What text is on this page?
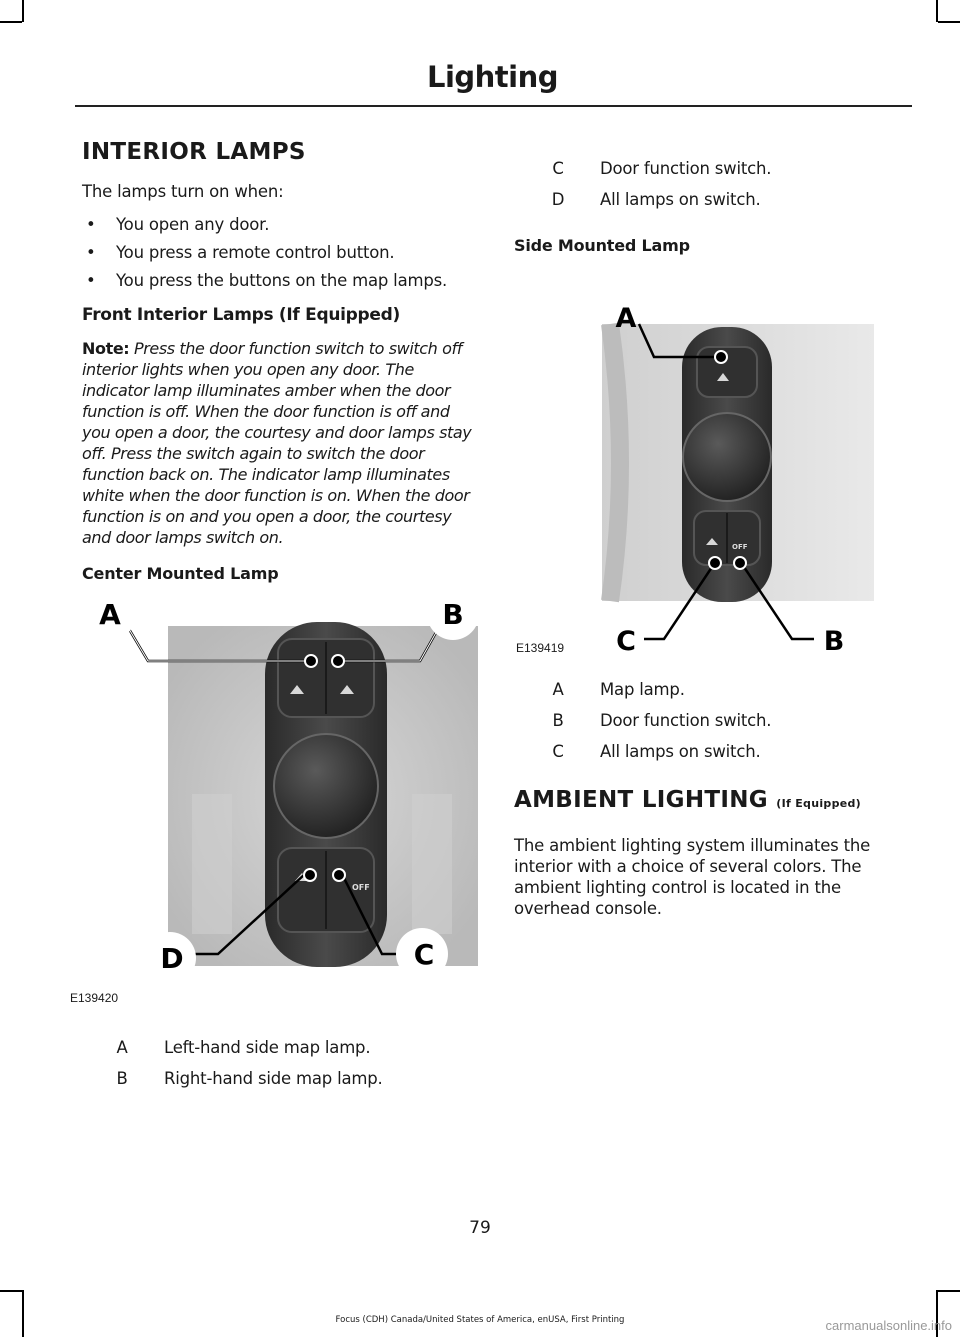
Lighting
INTERIOR LAMPS

The lamps turn on when:

• You open any door.
• You press a remote control button.
• You press the buttons on the map lamps.
Front Interior Lamps (If Equipped)

Note: Press the door function switch to switch off interior lights when you open any door. The indicator lamp illuminates amber when the door function is off. When the door function is off and you open a door, the courtesy and door lamps stay off. Press the switch again to switch the door function back on. The indicator lamp illuminates white when the door function is on. When the door function is on and you open a door, the courtesy and door lamps switch on.

Center Mounted Lamp
OFF
A	B
C
D
E139420
A Left-hand side map lamp.
B Right-hand side map lamp.
C Door function switch.
D All lamps on switch.
Side Mounted Lamp
OFF
A
B
C
E139419
A Map lamp.
B Door function switch.
C All lamps on switch.
AMBIENT LIGHTING (If Equipped)

The ambient lighting system illuminates the interior with a choice of several colors. The ambient lighting control is located in the overhead console.

79
Focus (CDH) Canada/United States of America, enUSA, First Printing	carmanualsonline.info
